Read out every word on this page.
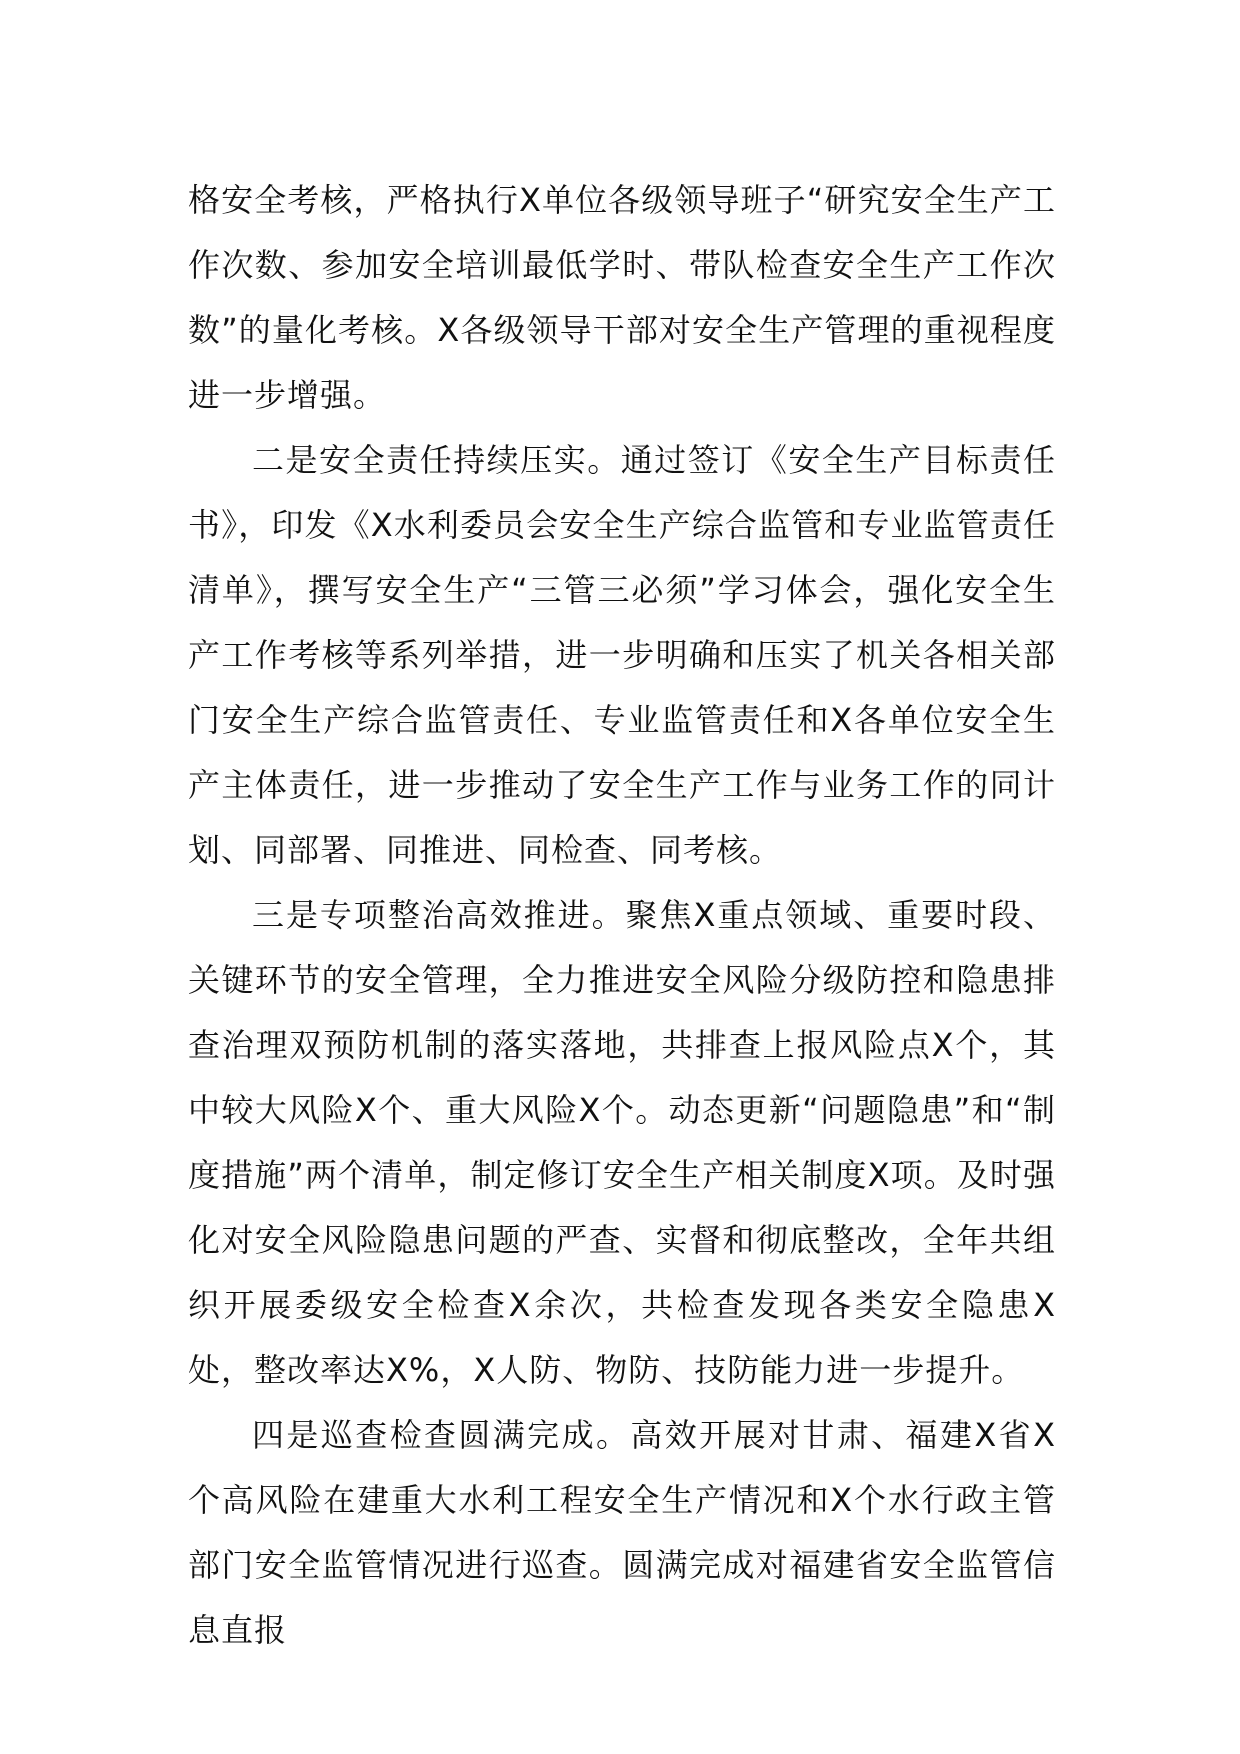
格安全考核，严格执行X单位各级领导班子“研究安全生产工作次数、参加安全培训最低学时、带队检查安全生产工作次数”的量化考核。X各级领导干部对安全生产管理的重视程度进一步增强。

二是安全责任持续压实。通过签订《安全生产目标责任书》，印发《X水利委员会安全生产综合监管和专业监管责任清单》，撰写安全生产“三管三必须”学习体会，强化安全生产工作考核等系列举措，进一步明确和压实了机关各相关部门安全生产综合监管责任、专业监管责任和X各单位安全生产主体责任，进一步推动了安全生产工作与业务工作的同计划、同部署、同推进、同检查、同考核。

三是专项整治高效推进。聚焦X重点领域、重要时段、关键环节的安全管理，全力推进安全风险分级防控和隐患排查治理双预防机制的落实落地，共排查上报风险点X个，其中较大风险X个、重大风险X个。动态更新“问题隐患”和“制度措施”两个清单，制定修订安全生产相关制度X项。及时强化对安全风险隐患问题的严查、实督和彻底整改，全年共组织开展委级安全检查X余次，共检查发现各类安全隐患X处，整改率达X%，X人防、物防、技防能力进一步提升。

四是巡查检查圆满完成。高效开展对甘肃、福建X省X个高风险在建重大水利工程安全生产情况和X个水行政主管部门安全监管情况进行巡查。圆满完成对福建省安全监管信息直报
